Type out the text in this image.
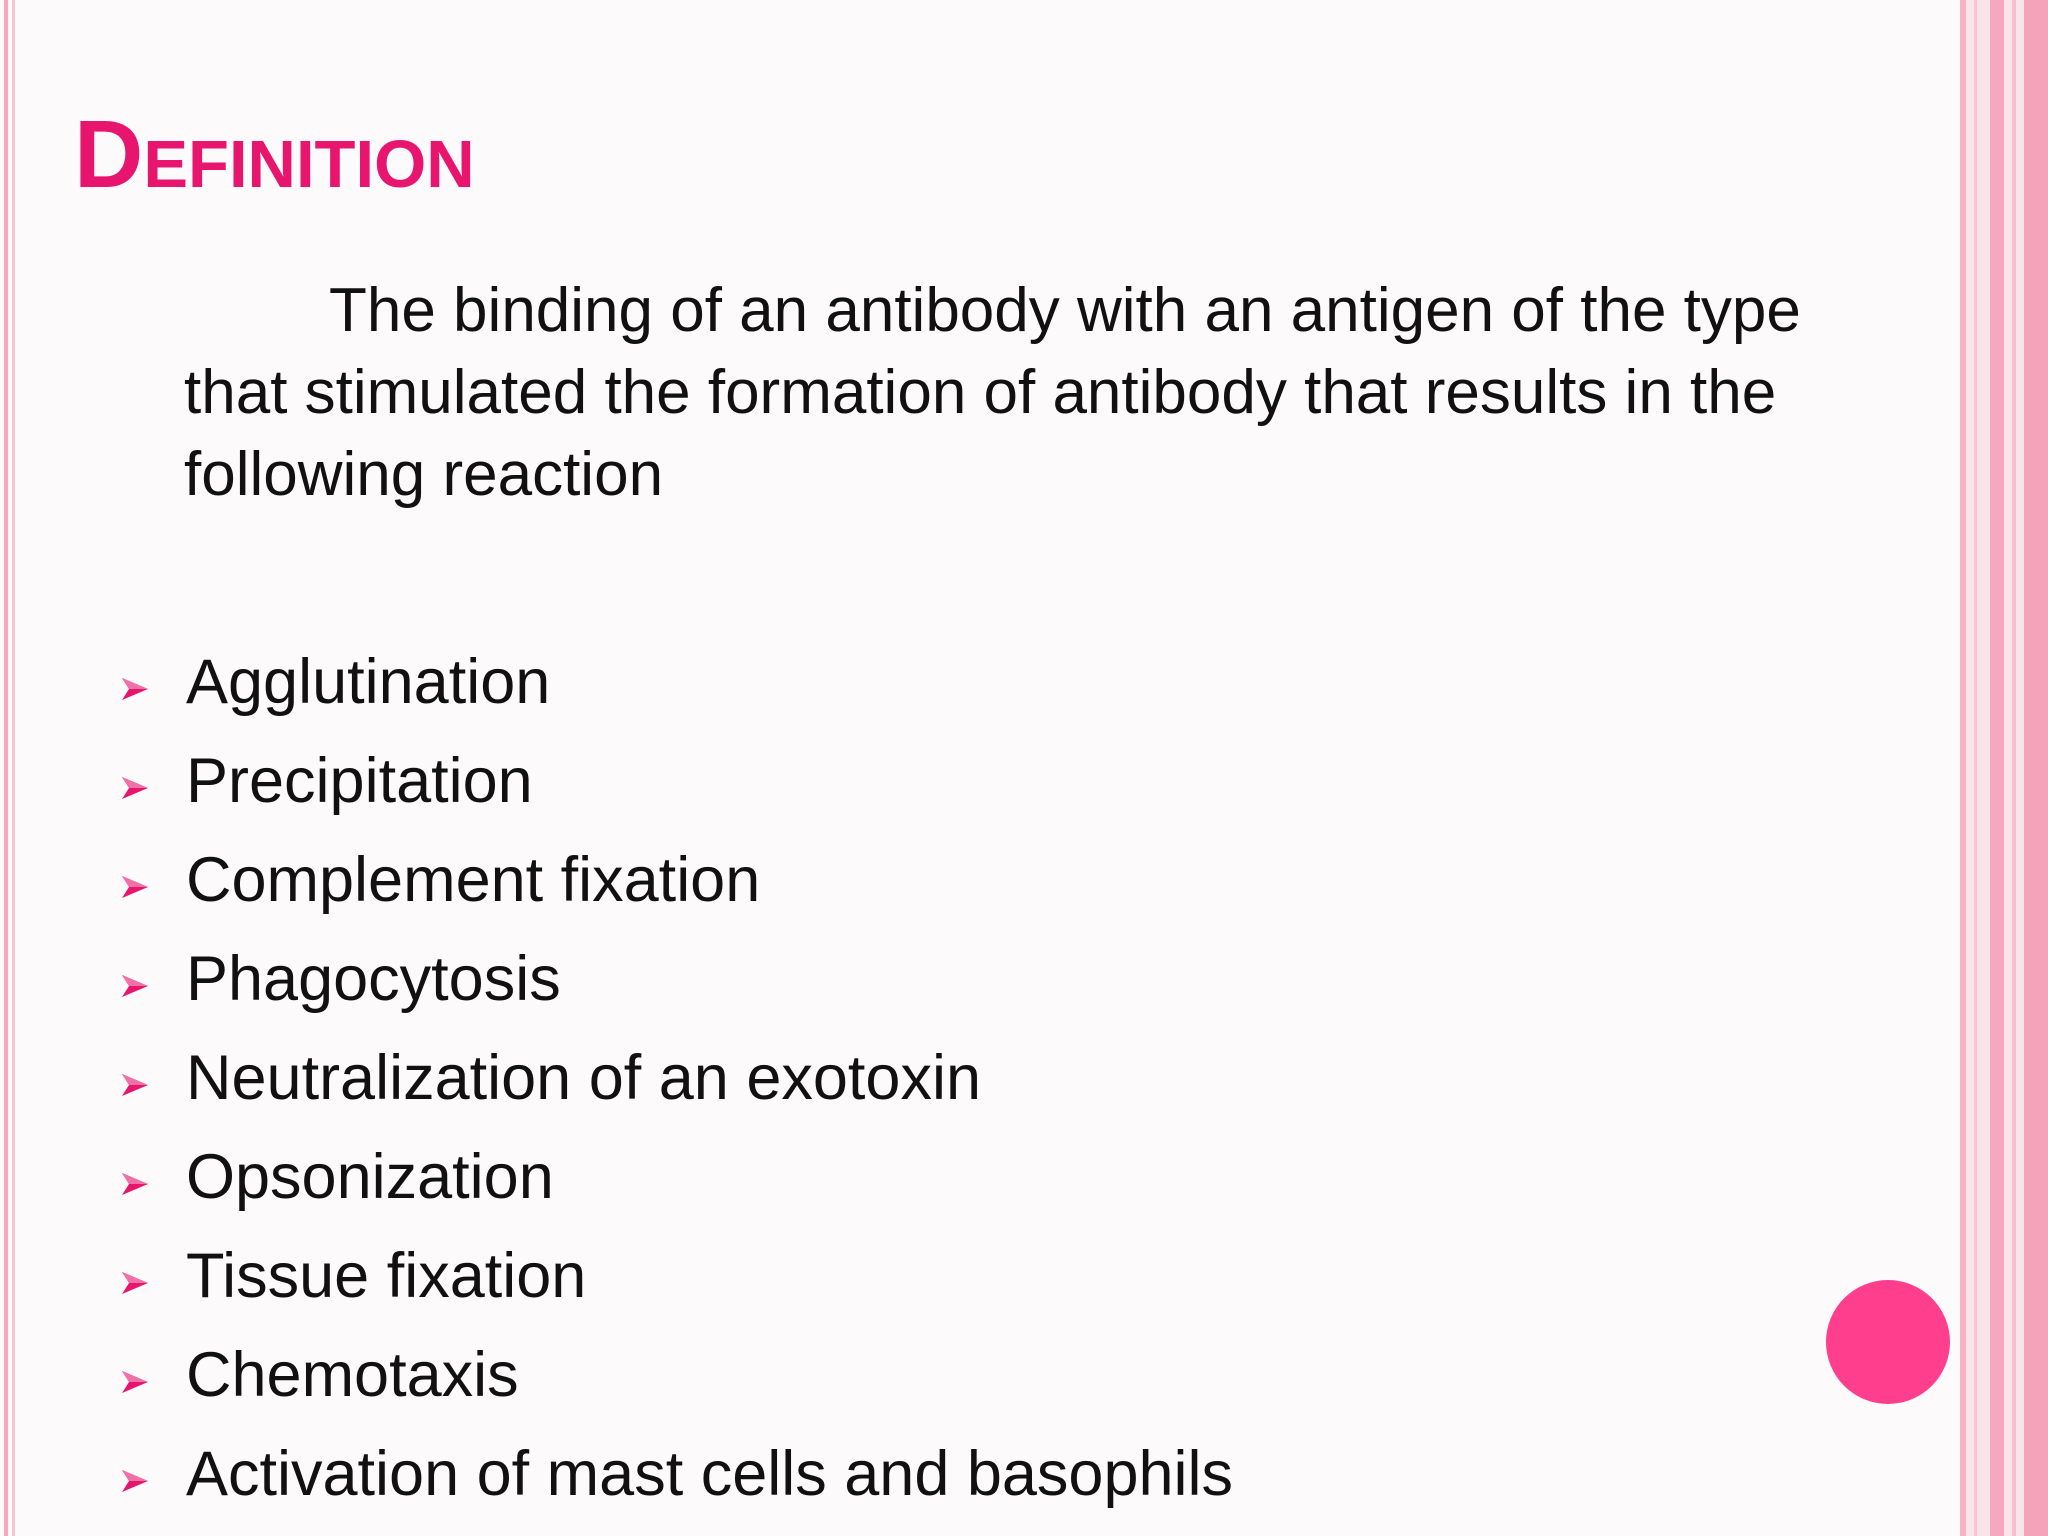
Definition

The binding of an antibody with an antigen of the type that stimulated the formation of antibody that results in the following reaction

Agglutination
Precipitation
Complement fixation
Phagocytosis
Neutralization of an exotoxin
Opsonization
Tissue fixation
Chemotaxis
Activation of mast cells and basophils
